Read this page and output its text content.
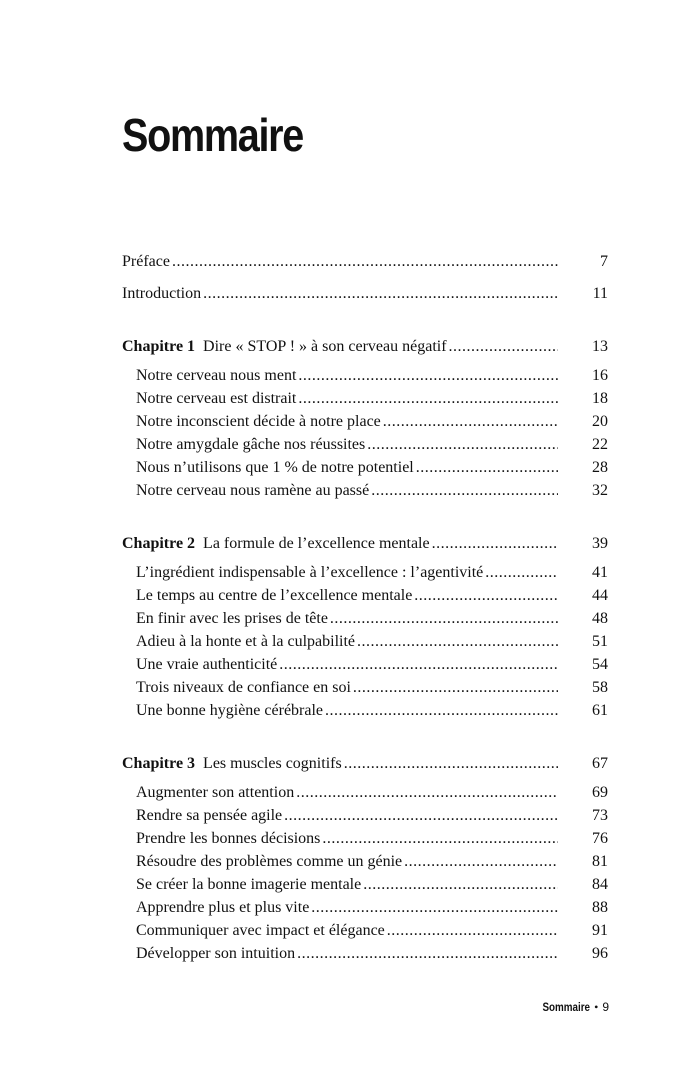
Sommaire
Préface .....	7
Introduction .....	11
Chapitre 1 Dire « STOP ! » à son cerveau négatif .....	13
Notre cerveau nous ment .....	16
Notre cerveau est distrait .....	18
Notre inconscient décide à notre place .....	20
Notre amygdale gâche nos réussites .....	22
Nous n’utilisons que 1 % de notre potentiel .....	28
Notre cerveau nous ramène au passé .....	32
Chapitre 2 La formule de l’excellence mentale .....	39
L’ingrédient indispensable à l’excellence : l’agentivité .....	41
Le temps au centre de l’excellence mentale .....	44
En finir avec les prises de tête .....	48
Adieu à la honte et à la culpabilité .....	51
Une vraie authenticité .....	54
Trois niveaux de confiance en soi .....	58
Une bonne hygiène cérébrale .....	61
Chapitre 3 Les muscles cognitifs .....	67
Augmenter son attention .....	69
Rendre sa pensée agile .....	73
Prendre les bonnes décisions .....	76
Résoudre des problèmes comme un génie .....	81
Se créer la bonne imagerie mentale .....	84
Apprendre plus et plus vite .....	88
Communiquer avec impact et élégance .....	91
Développer son intuition .....	96
Sommaire • 9
